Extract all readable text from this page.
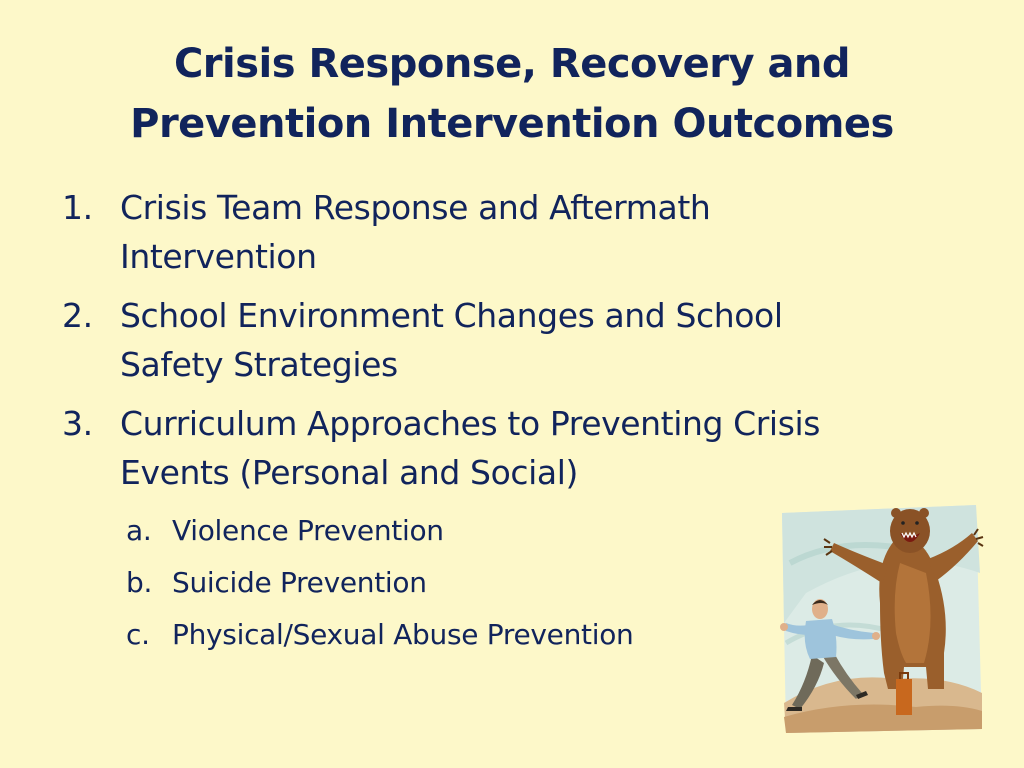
Crisis Response, Recovery and
Prevention Intervention Outcomes
1. Crisis Team Response and Aftermath
Intervention
2. School Environment Changes and School
Safety Strategies
3. Curriculum Approaches to Preventing Crisis
Events (Personal and Social)
a. Violence Prevention
b. Suicide Prevention
c. Physical/Sexual Abuse Prevention
